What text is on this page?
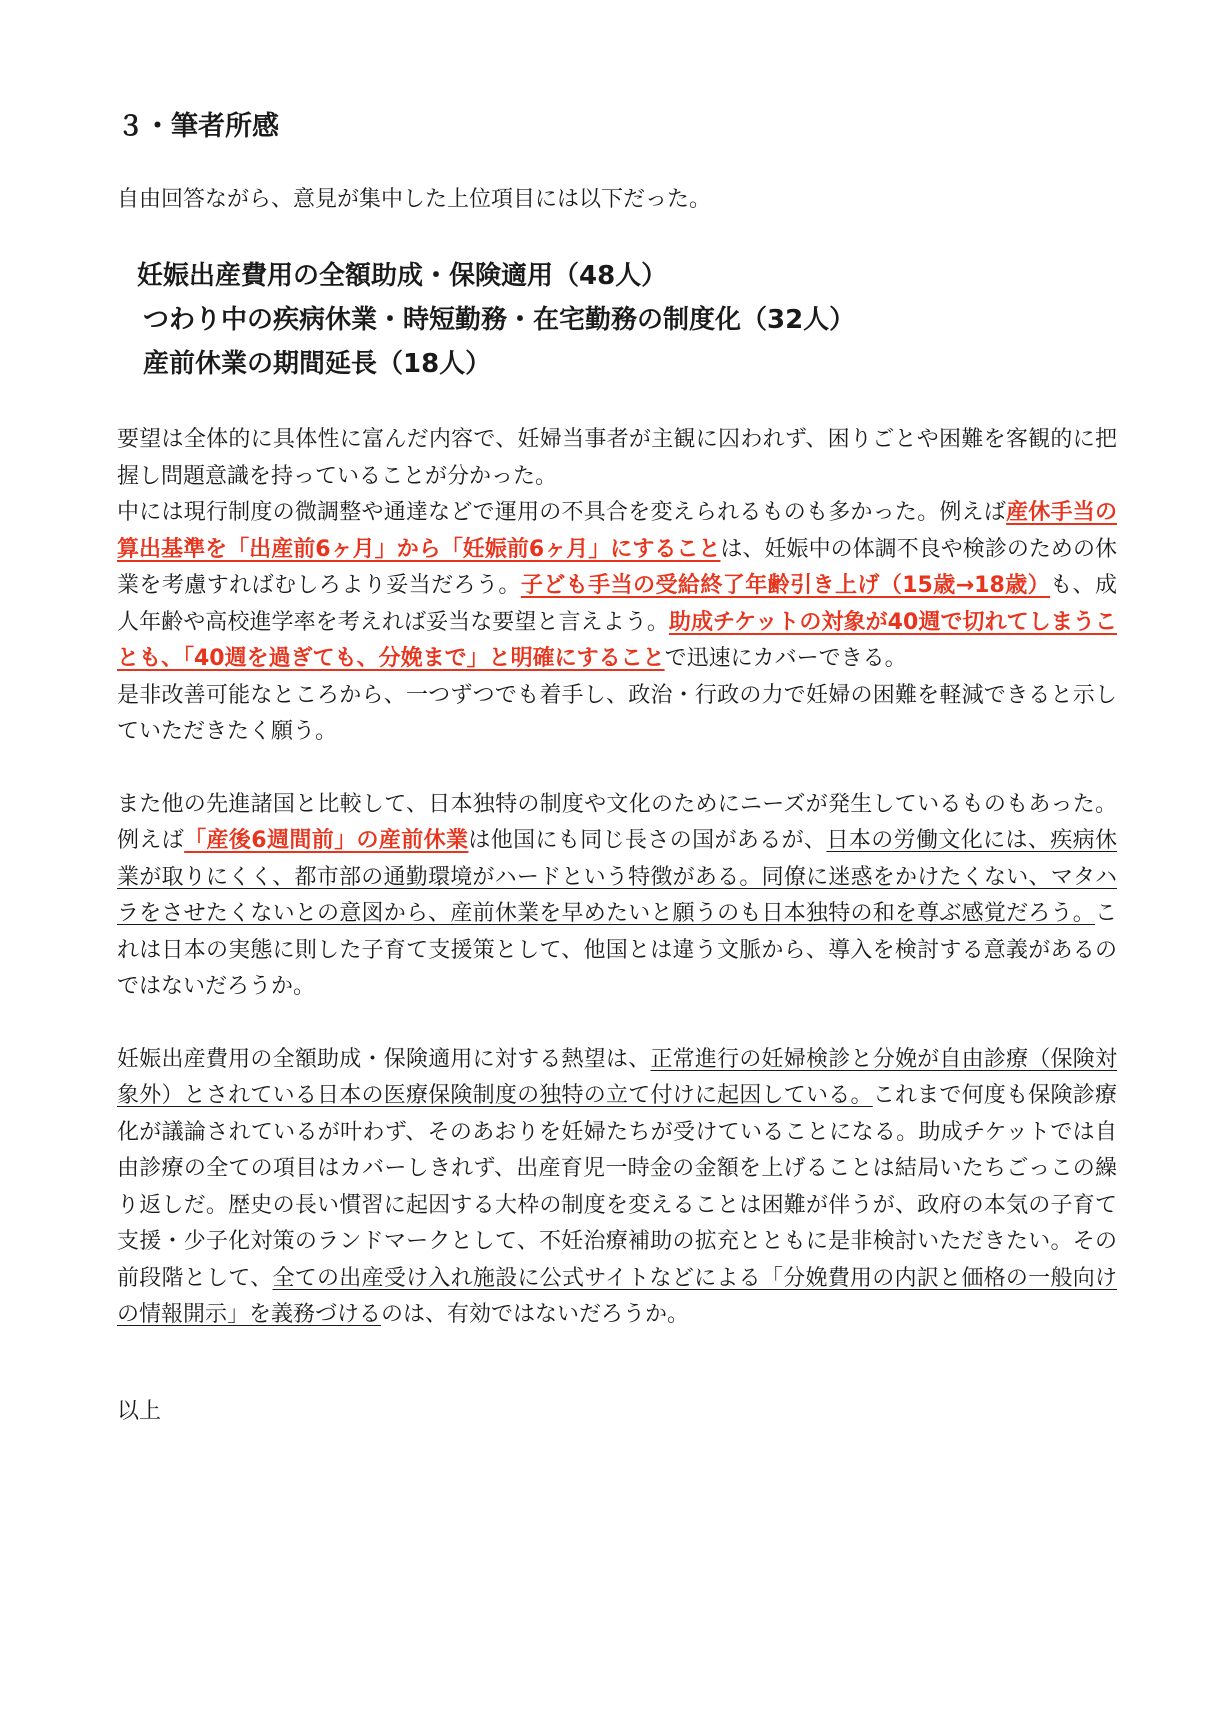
３・筆者所感

自由回答ながら、意見が集中した上位項目には以下だった。

妊娠出産費用の全額助成・保険適用（48人）
つわり中の疾病休業・時短勤務・在宅勤務の制度化（32人）
産前休業の期間延長（18人）

要望は全体的に具体性に富んだ内容で、妊婦当事者が主観に囚われず、困りごとや困難を客観的に把握し問題意識を持っていることが分かった。
中には現行制度の微調整や通達などで運用の不具合を変えられるものも多かった。例えば産休手当の算出基準を「出産前6ヶ月」から「妊娠前6ヶ月」にすることは、妊娠中の体調不良や検診のための休業を考慮すればむしろより妥当だろう。子ども手当の受給終了年齢引き上げ（15歳→18歳）も、成人年齢や高校進学率を考えれば妥当な要望と言えよう。助成チケットの対象が40週で切れてしまうことも、「40週を過ぎても、分娩まで」と明確にすることで迅速にカバーできる。
是非改善可能なところから、一つずつでも着手し、政治・行政の力で妊婦の困難を軽減できると示していただきたく願う。

また他の先進諸国と比較して、日本独特の制度や文化のためにニーズが発生しているものもあった。例えば「産後6週間前」の産前休業は他国にも同じ長さの国があるが、日本の労働文化には、疾病休業が取りにくく、都市部の通勤環境がハードという特徴がある。同僚に迷惑をかけたくない、マタハラをさせたくないとの意図から、産前休業を早めたいと願うのも日本独特の和を尊ぶ感覚だろう。これは日本の実態に則した子育て支援策として、他国とは違う文脈から、導入を検討する意義があるのではないだろうか。

妊娠出産費用の全額助成・保険適用に対する熱望は、正常進行の妊婦検診と分娩が自由診療（保険対象外）とされている日本の医療保険制度の独特の立て付けに起因している。これまで何度も保険診療化が議論されているが叶わず、そのあおりを妊婦たちが受けていることになる。助成チケットでは自由診療の全ての項目はカバーしきれず、出産育児一時金の金額を上げることは結局いたちごっこの繰り返しだ。歴史の長い慣習に起因する大枠の制度を変えることは困難が伴うが、政府の本気の子育て支援・少子化対策のランドマークとして、不妊治療補助の拡充とともに是非検討いただきたい。その前段階として、全ての出産受け入れ施設に公式サイトなどによる「分娩費用の内訳と価格の一般向けの情報開示」を義務づけるのは、有効ではないだろうか。

以上
